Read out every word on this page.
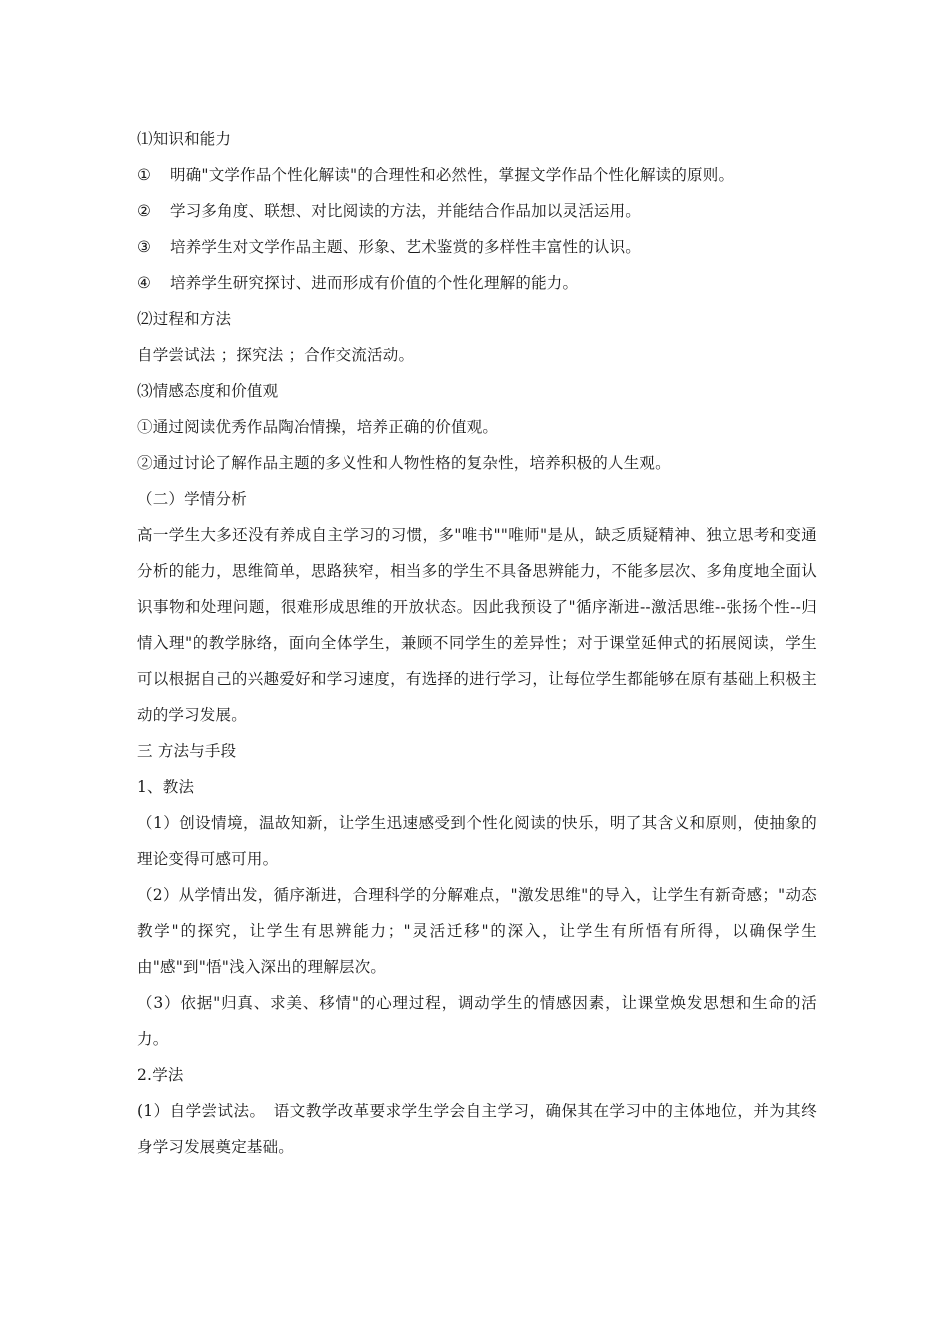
⑴知识和能力
① 明确"文学作品个性化解读"的合理性和必然性，掌握文学作品个性化解读的原则。
② 学习多角度、联想、对比阅读的方法，并能结合作品加以灵活运用。
③ 培养学生对文学作品主题、形象、艺术鉴赏的多样性丰富性的认识。
④ 培养学生研究探讨、进而形成有价值的个性化理解的能力。
⑵过程和方法
自学尝试法 ；探究法 ；合作交流活动。
⑶情感态度和价值观
①通过阅读优秀作品陶冶情操，培养正确的价值观。
②通过讨论了解作品主题的多义性和人物性格的复杂性，培养积极的人生观。
（二）学情分析
高一学生大多还没有养成自主学习的习惯，多"唯书""唯师"是从，缺乏质疑精神、独立思考和变通分析的能力，思维简单，思路狭窄，相当多的学生不具备思辨能力，不能多层次、多角度地全面认识事物和处理问题，很难形成思维的开放状态。因此我预设了"循序渐进--激活思维--张扬个性--归情入理"的教学脉络，面向全体学生，兼顾不同学生的差异性；对于课堂延伸式的拓展阅读，学生可以根据自己的兴趣爱好和学习速度，有选择的进行学习，让每位学生都能够在原有基础上积极主动的学习发展。
三 方法与手段
1、教法
（1）创设情境，温故知新，让学生迅速感受到个性化阅读的快乐，明了其含义和原则，使抽象的理论变得可感可用。
（2）从学情出发，循序渐进，合理科学的分解难点，"激发思维"的导入，让学生有新奇感；"动态教学"的探究，让学生有思辨能力；"灵活迁移"的深入，让学生有所悟有所得，以确保学生由"感"到"悟"浅入深出的理解层次。
（3）依据"归真、求美、移情"的心理过程，调动学生的情感因素，让课堂焕发思想和生命的活力。
2.学法
(1）自学尝试法。　语文教学改革要求学生学会自主学习，确保其在学习中的主体地位，并为其终身学习发展奠定基础。
